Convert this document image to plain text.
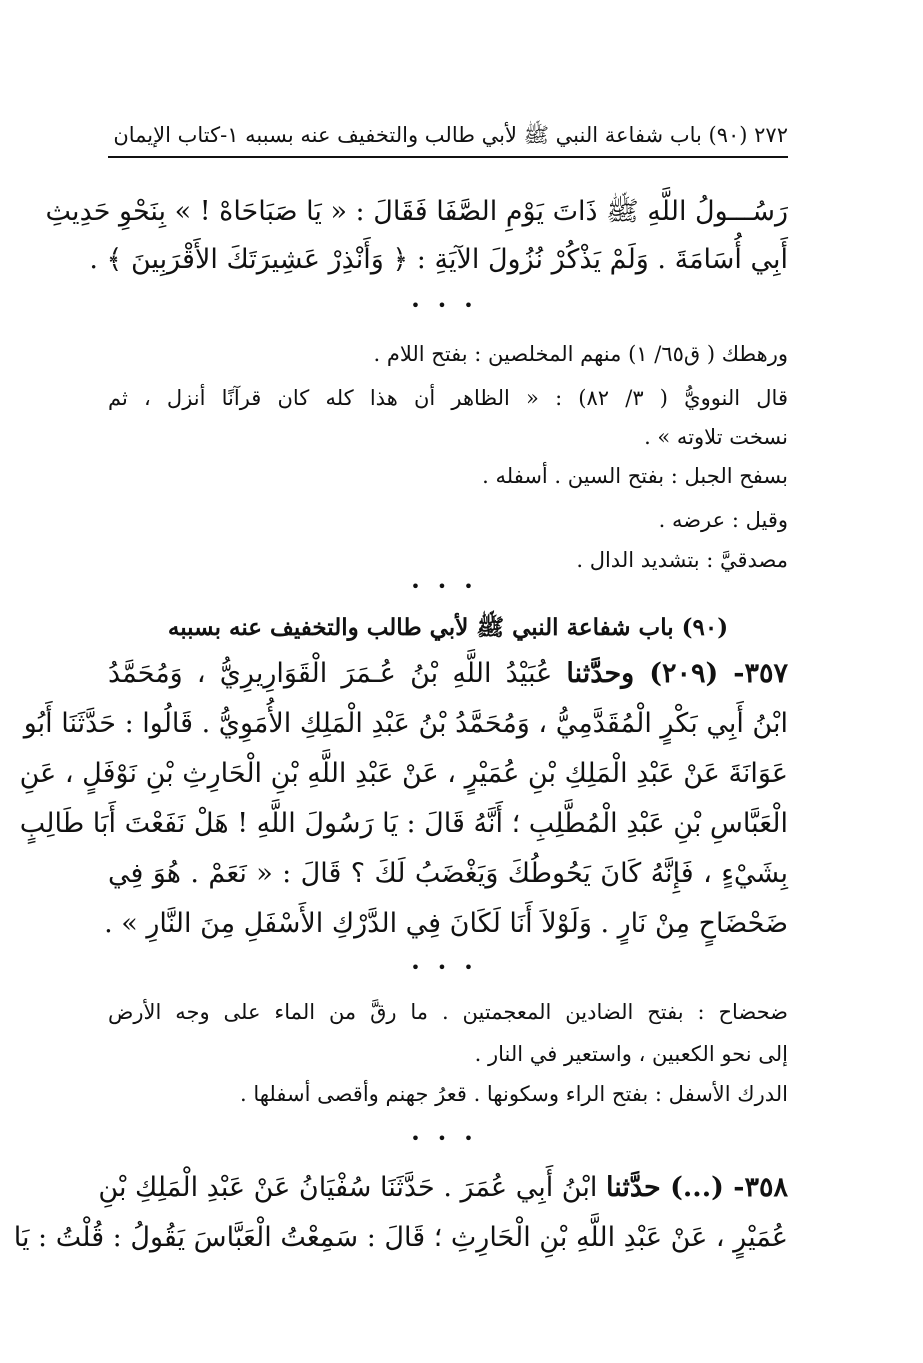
٢٧٢ (٩٠) باب شفاعة النبي ﷺ لأبي طالب والتخفيف عنه بسببه ١-كتاب الإيمان
رَسُـــولُ اللَّهِ ﷺ ذَاتَ يَوْمِ الصَّفَا فَقَالَ : « يَا صَبَاحَاهْ ! » بِنَحْوِ حَدِيثِ
أَبِي أُسَامَةَ . وَلَمْ يَذْكُرْ نُزُولَ الآيَةِ : ﴿ وَأَنْذِرْ عَشِيرَتَكَ الأَقْرَبِينَ ﴾ .
• • •
ورهطك ( ق٦٥/ ١) منهم المخلصين : بفتح اللام .
قال النوويُّ ( ٣/ ٨٢) : « الظاهر أن هذا كله كان قرآنًا أنزل ، ثم
نسخت تلاوته » .
بسفح الجبل : بفتح السين . أسفله .
وقيل : عرضه .
مصدقيَّ : بتشديد الدال .
• • •
(٩٠) باب شفاعة النبي ﷺ لأبي طالب والتخفيف عنه بسببه
٣٥٧- (٢٠٩) وحدَّثنا عُبَيْدُ اللَّهِ بْنُ عُـمَرَ الْقَوَارِيرِيُّ ، وَمُحَمَّدُ
ابْنُ أَبِي بَكْرٍ الْمُقَدَّمِيُّ ، وَمُحَمَّدُ بْنُ عَبْدِ الْمَلِكِ الأُمَوِيُّ . قَالُوا : حَدَّثَنَا أَبُو
عَوَانَةَ عَنْ عَبْدِ الْمَلِكِ بْنِ عُمَيْرٍ ، عَنْ عَبْدِ اللَّهِ بْنِ الْحَارِثِ بْنِ نَوْفَلٍ ، عَنِ
الْعَبَّاسِ بْنِ عَبْدِ الْمُطَّلِبِ ؛ أَنَّهُ قَالَ : يَا رَسُولَ اللَّهِ ! هَلْ نَفَعْتَ أَبَا طَالِبٍ
بِشَيْءٍ ، فَإِنَّهُ كَانَ يَحُوطُكَ وَيَغْضَبُ لَكَ ؟ قَالَ : « نَعَمْ . هُوَ فِي
ضَحْضَاحٍ مِنْ نَارٍ . وَلَوْلاَ أَنَا لَكَانَ فِي الدَّرْكِ الأَسْفَلِ مِنَ النَّارِ » .
• • •
ضحضاح : بفتح الضادين المعجمتين . ما رقَّ من الماء على وجه الأرض
إلى نحو الكعبين ، واستعير في النار .
الدرك الأسفل : بفتح الراء وسكونها . قعرُ جهنم وأقصى أسفلها .
• • •
٣٥٨- (...) حدَّثنا ابْنُ أَبِي عُمَرَ . حَدَّثَنَا سُفْيَانُ عَنْ عَبْدِ الْمَلِكِ بْنِ
عُمَيْرٍ ، عَنْ عَبْدِ اللَّهِ بْنِ الْحَارِثِ ؛ قَالَ : سَمِعْتُ الْعَبَّاسَ يَقُولُ : قُلْتُ : يَا
